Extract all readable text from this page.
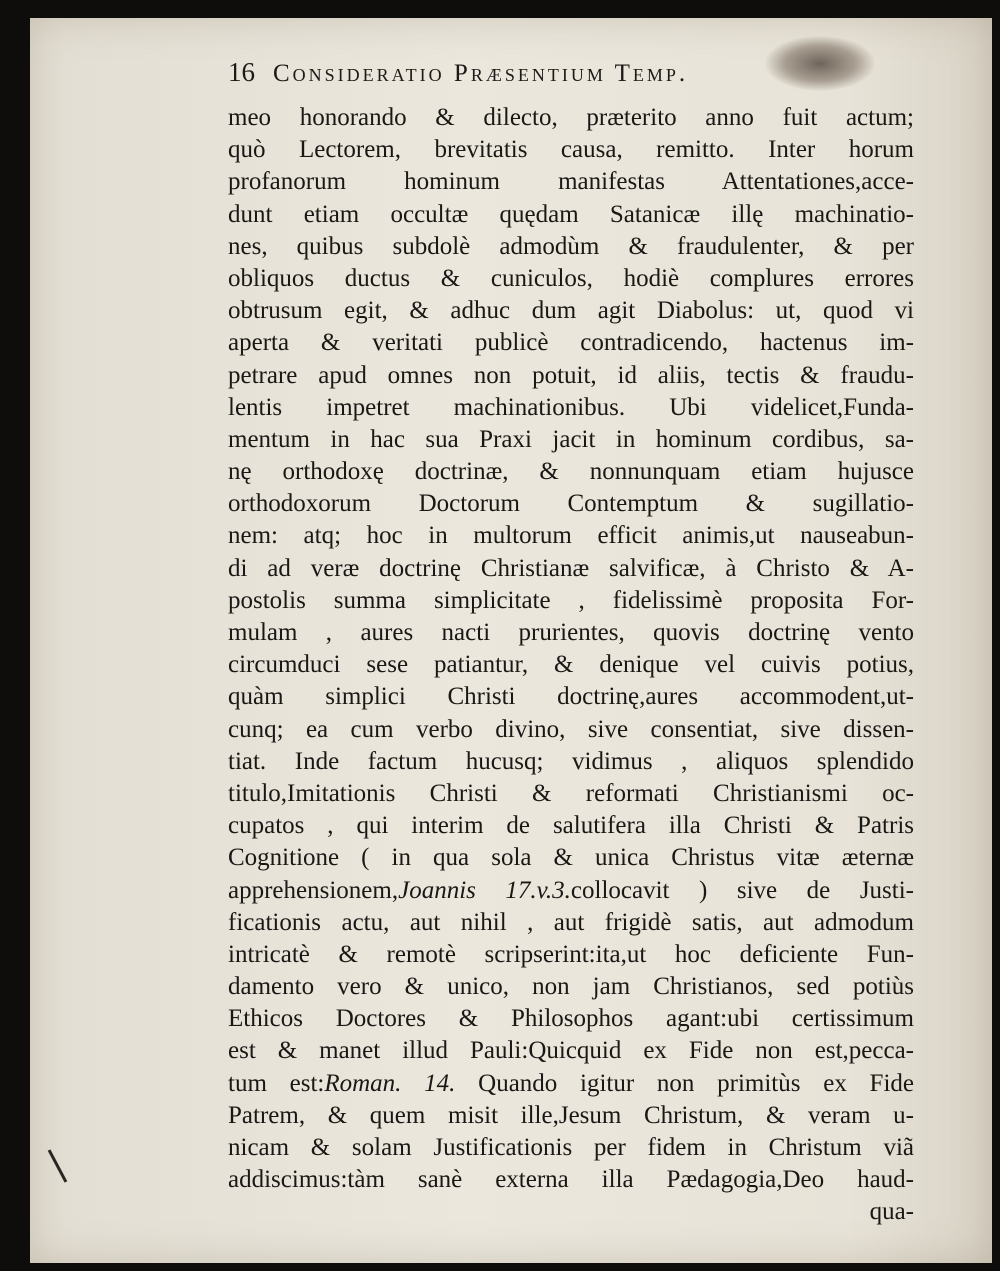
16 Consideratio Præsentium Temp.
meo honorando & dilecto, præterito anno fuit actum;
quò Lectorem, brevitatis causa, remitto. Inter horum
profanorum hominum manifestas Attentationes,acce-
dunt etiam occultæ quędam Satanicæ illę machinatio-
nes, quibus subdolè admodùm & fraudulenter, & per
obliquos ductus & cuniculos, hodiè complures errores
obtrusum egit, & adhuc dum agit Diabolus: ut, quod vi
aperta & veritati publicè contradicendo, hactenus im-
petrare apud omnes non potuit, id aliis, tectis & fraudu-
lentis impetret machinationibus. Ubi videlicet,Funda-
mentum in hac sua Praxi jacit in hominum cordibus, sa-
nę orthodoxę doctrinæ, & nonnunquam etiam hujusce
orthodoxorum Doctorum Contemptum & sugillatio-
nem: atq; hoc in multorum efficit animis,ut nauseabun-
di ad veræ doctrinę Christianæ salvificæ, à Christo & A-
postolis summa simplicitate , fidelissimè proposita For-
mulam , aures nacti prurientes, quovis doctrinę vento
circumduci sese patiantur, & denique vel cuivis potius,
quàm simplici Christi doctrinę,aures accommodent,ut-
cunq; ea cum verbo divino, sive consentiat, sive dissen-
tiat. Inde factum hucusq; vidimus , aliquos splendido
titulo,Imitationis Christi & reformati Christianismi oc-
cupatos , qui interim de salutifera illa Christi & Patris
Cognitione ( in qua sola & unica Christus vitæ æternæ
apprehensionem,Joannis 17.v.3.collocavit ) sive de Justi-
ficationis actu, aut nihil , aut frigidè satis, aut admodum
intricatè & remotè scripserint:ita,ut hoc deficiente Fun-
damento vero & unico, non jam Christianos, sed potiùs
Ethicos Doctores & Philosophos agant:ubi certissimum
est & manet illud Pauli:Quicquid ex Fide non est,pecca-
tum est:Roman. 14. Quando igitur non primitùs ex Fide
Patrem, & quem misit ille,Jesum Christum, & veram u-
nicam & solam Justificationis per fidem in Christum viã
addiscimus:tàm sanè externa illa Pædagogia,Deo haud-
qua-
